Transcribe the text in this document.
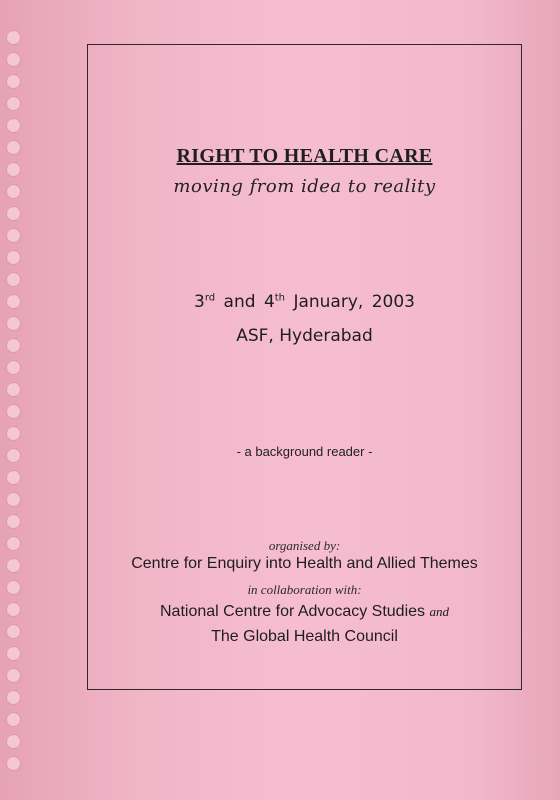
RIGHT TO HEALTH CARE
moving from idea to reality
3rd and 4th January, 2003
ASF, Hyderabad
- a background reader -
organised by:
Centre for Enquiry into Health and Allied Themes
in collaboration with:
National Centre for Advocacy Studies and
The Global Health Council
